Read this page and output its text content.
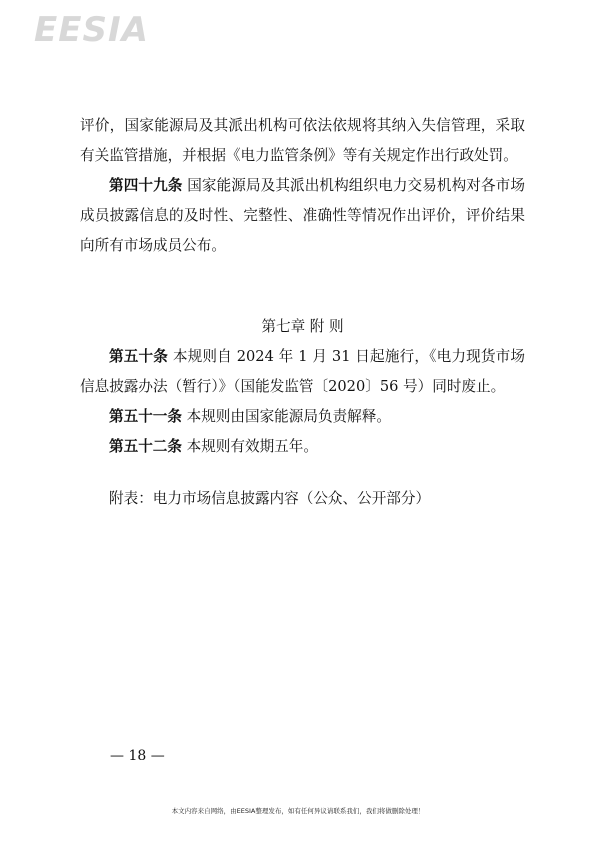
EESIA

评价，国家能源局及其派出机构可依法依规将其纳入失信管理，采取有关监管措施，并根据《电力监管条例》等有关规定作出行政处罚。

第四十九条 国家能源局及其派出机构组织电力交易机构对各市场成员披露信息的及时性、完整性、准确性等情况作出评价，评价结果向所有市场成员公布。

第七章 附 则

第五十条 本规则自 2024 年 1 月 31 日起施行，《电力现货市场信息披露办法（暂行）》（国能发监管〔2020〕56 号）同时废止。

第五十一条 本规则由国家能源局负责解释。

第五十二条 本规则有效期五年。

附表：电力市场信息披露内容（公众、公开部分）

— 18 —
本文内容来自网络，由EESIA整理发布，如有任何异议请联系我们，我们将做删除处理！
